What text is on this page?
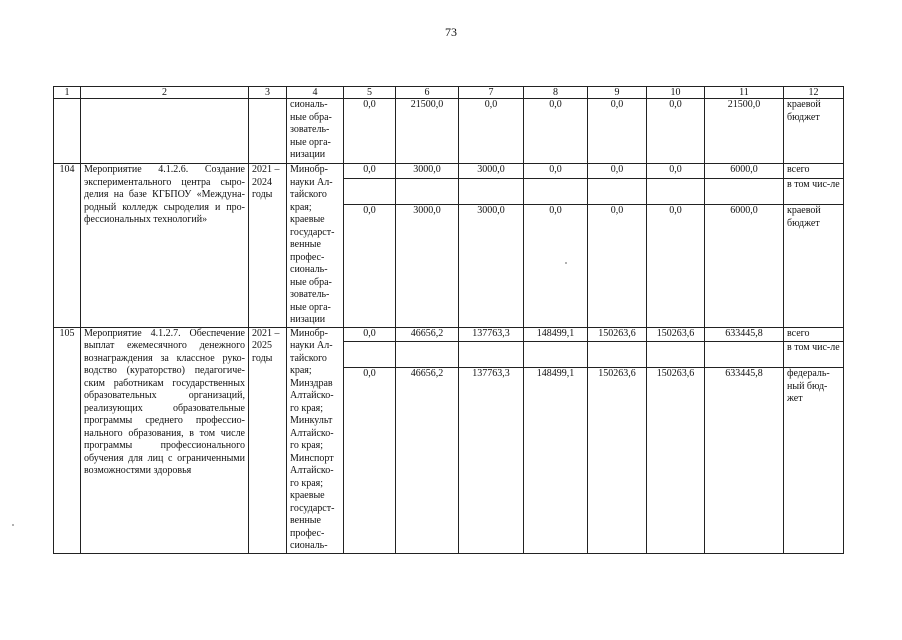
73
1	2	3	4	5	6	7	8	9	10	11	12
			сиональ-ные обра-зователь-ные орга-низации	0,0	21500,0	0,0	0,0	0,0	0,0	21500,0	краевой бюджет
104	Мероприятие 4.1.2.6. Создание экспериментального центра сыро-делия на базе КГБПОУ «Междуна-родный колледж сыроделия и про-фессиональных технологий»	2021 – 2024 годы	Минобр-науки Ал-тайского края; краевые государст-венные профес-сиональ-ные обра-зователь-ные орга-низации	0,0	3000,0	3000,0	0,0	0,0	0,0	6000,0	всего
											в том чис-ле
				0,0	3000,0	3000,0	0,0	0,0	0,0	6000,0	краевой бюджет
105	Мероприятие 4.1.2.7. Обеспечение выплат ежемесячного денежного вознаграждения за классное руко-водство (кураторство) педагогиче-ским работникам государственных образовательных организаций, реализующих образовательные программы среднего профессио-нального образования, в том числе программы профессионального обучения для лиц с ограниченными возможностями здоровья	2021 – 2025 годы	Минобр-науки Ал-тайского края; Минздрав Алтайско-го края; Минкульт Алтайско-го края; Минспорт Алтайско-го края; краевые государст-венные профес-сиональ-	0,0	46656,2	137763,3	148499,1	150263,6	150263,6	633445,8	всего
											в том чис-ле
				0,0	46656,2	137763,3	148499,1	150263,6	150263,6	633445,8	федераль-ный бюд-жет
